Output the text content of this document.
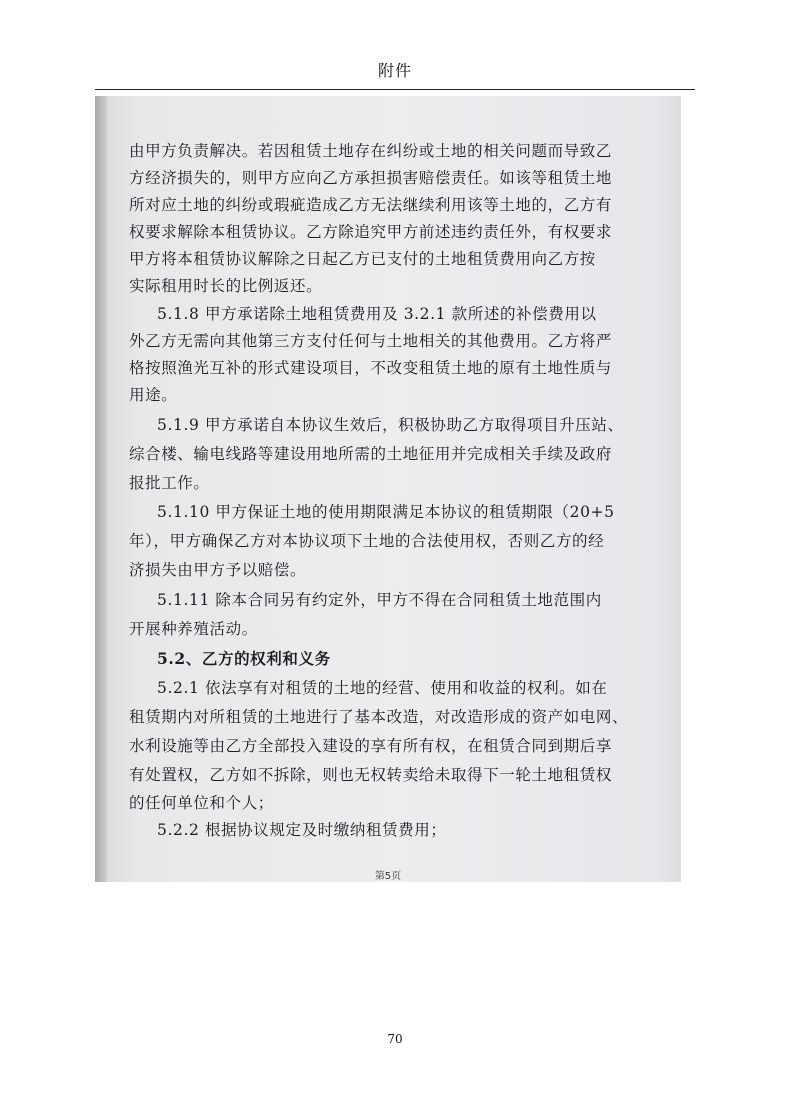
附件
由甲方负责解决。若因租赁土地存在纠纷或土地的相关问题而导致乙
方经济损失的，则甲方应向乙方承担损害赔偿责任。如该等租赁土地
所对应土地的纠纷或瑕疵造成乙方无法继续利用该等土地的，乙方有
权要求解除本租赁协议。乙方除追究甲方前述违约责任外，有权要求
甲方将本租赁协议解除之日起乙方已支付的土地租赁费用向乙方按
实际租用时长的比例返还。
5.1.8 甲方承诺除土地租赁费用及 3.2.1 款所述的补偿费用以
外乙方无需向其他第三方支付任何与土地相关的其他费用。乙方将严
格按照渔光互补的形式建设项目，不改变租赁土地的原有土地性质与
用途。
5.1.9 甲方承诺自本协议生效后，积极协助乙方取得项目升压站、
综合楼、输电线路等建设用地所需的土地征用并完成相关手续及政府
报批工作。
5.1.10 甲方保证土地的使用期限满足本协议的租赁期限（20+5
年），甲方确保乙方对本协议项下土地的合法使用权，否则乙方的经
济损失由甲方予以赔偿。
5.1.11 除本合同另有约定外，甲方不得在合同租赁土地范围内
开展种养殖活动。
5.2、乙方的权利和义务
5.2.1 依法享有对租赁的土地的经营、使用和收益的权利。如在
租赁期内对所租赁的土地进行了基本改造，对改造形成的资产如电网、
水利设施等由乙方全部投入建设的享有所有权，在租赁合同到期后享
有处置权，乙方如不拆除，则也无权转卖给未取得下一轮土地租赁权
的任何单位和个人；
5.2.2 根据协议规定及时缴纳租赁费用；
第5页
70
